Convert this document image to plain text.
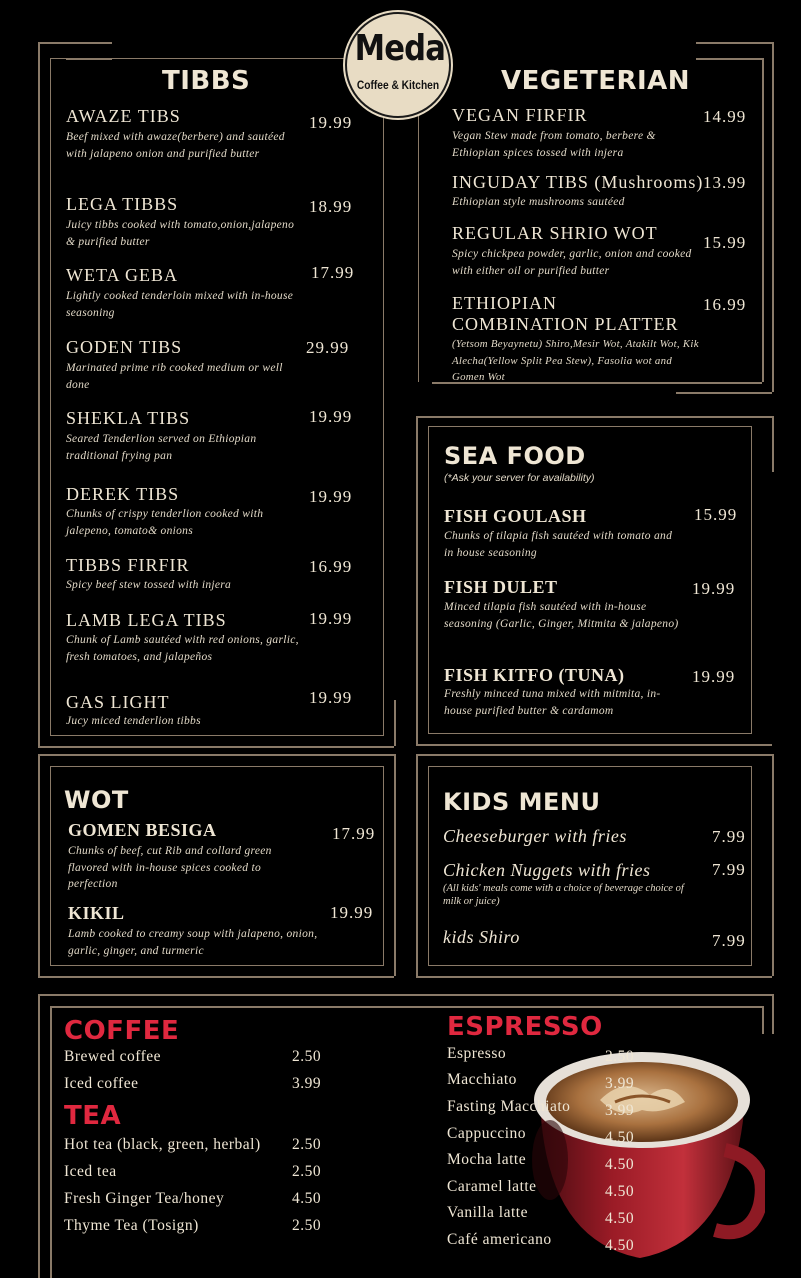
Meda
Coffee & Kitchen
TIBBS
AWAZE TIBS	19.99
Beef mixed with awaze(berbere) and sautéed with jalapeno onion and purified butter
LEGA TIBBS	18.99
Juicy tibbs cooked with tomato,onion,jalapeno & purified butter
WETA GEBA	17.99
Lightly cooked tenderloin mixed with in-house seasoning
GODEN TIBS	29.99
Marinated prime rib cooked medium or well done
SHEKLA TIBS	19.99
Seared Tenderlion served on Ethiopian traditional frying pan
DEREK TIBS	19.99
Chunks of crispy tenderlion cooked with jalepeno, tomato& onions
TIBBS FIRFIR	16.99
Spicy beef stew tossed with injera
LAMB LEGA TIBS	19.99
Chunk of Lamb sautéed with red onions, garlic, fresh tomatoes, and jalapeños
GAS LIGHT	19.99
Jucy miced tenderlion tibbs
VEGETERIAN
VEGAN FIRFIR	14.99
Vegan Stew made from tomato, berbere & Ethiopian spices tossed with injera
INGUDAY TIBS (Mushrooms) 13.99
Ethiopian style mushrooms sautéed
REGULAR SHRIO WOT	15.99
Spicy chickpea powder, garlic, onion and cooked with either oil or purified butter
ETHIOPIAN COMBINATION PLATTER
16.99
(Yetsom Beyaynetu) Shiro,Mesir Wot, Atakilt Wot, Kik Alecha(Yellow Split Pea Stew), Fasolia wot and Gomen Wot
SEA FOOD
(*Ask your server for availability)
FISH GOULASH	15.99
Chunks of tilapia fish sautéed with tomato and in house seasoning
FISH DULET	19.99
Minced tilapia fish sautéed with in-house seasoning (Garlic, Ginger, Mitmita & jalapeno)
FISH KITFO (TUNA)	19.99
Freshly minced tuna mixed with mitmita, in-house purified butter & cardamom
WOT
GOMEN BESIGA	17.99
Chunks of beef, cut Rib and collard green flavored with in-house spices cooked to perfection
KIKIL	19.99
Lamb cooked to creamy soup with jalapeno, onion, garlic, ginger, and turmeric
KIDS MENU
Cheeseburger with fries	7.99
Chicken Nuggets with fries	7.99
(All kids' meals come with a choice of beverage choice of milk or juice)
kids Shiro	7.99
COFFEE
Brewed coffee	2.50
Iced coffee	3.99
TEA
Hot tea (black, green, herbal) 2.50
Iced tea	2.50
Fresh Ginger Tea/honey	4.50
Thyme Tea (Tosign)	2.50
ESPRESSO
Espresso	2.50
Macchiato	3.99
Fasting Macchiato 3.99
Cappuccino	4.50
Mocha latte	4.50
Caramel latte	4.50
Vanilla latte	4.50
Café americano	4.50
